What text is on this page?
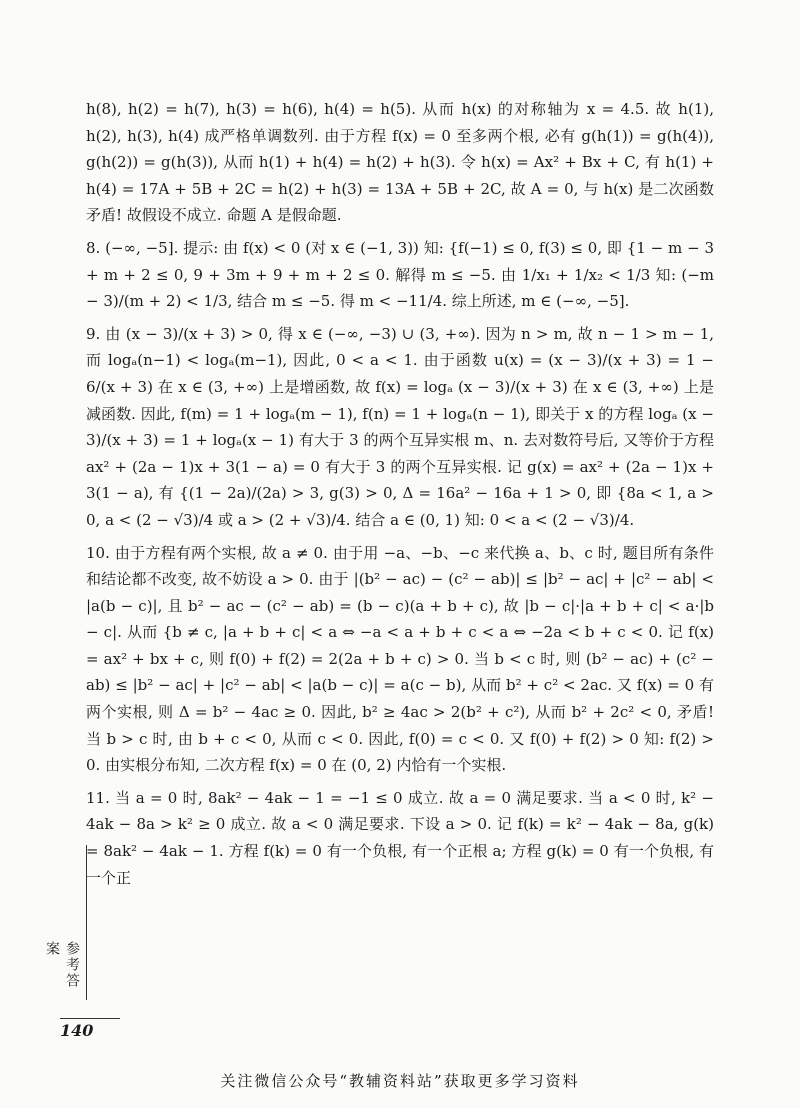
h(8), h(2) = h(7), h(3) = h(6), h(4) = h(5). 从而 h(x) 的对称轴为 x = 4.5. 故 h(1), h(2), h(3), h(4) 成严格单调数列. 由于方程 f(x) = 0 至多两个根, 必有 g(h(1)) = g(h(4)), g(h(2)) = g(h(3)), 从而 h(1) + h(4) = h(2) + h(3). 令 h(x) = Ax² + Bx + C, 有 h(1) + h(4) = 17A + 5B + 2C = h(2) + h(3) = 13A + 5B + 2C, 故 A = 0, 与 h(x) 是二次函数矛盾! 故假设不成立. 命题 A 是假命题.

8. (−∞, −5]. 提示: 由 f(x) < 0 (对 x ∈ (−1, 3)) 知: {f(−1) ≤ 0, f(3) ≤ 0, 即 {1 − m − 3 + m + 2 ≤ 0, 9 + 3m + 9 + m + 2 ≤ 0. 解得 m ≤ −5. 由 1/x₁ + 1/x₂ < 1/3 知: (−m − 3)/(m + 2) < 1/3, 结合 m ≤ −5. 得 m < −11/4. 综上所述, m ∈ (−∞, −5].

9. 由 (x − 3)/(x + 3) > 0, 得 x ∈ (−∞, −3) ∪ (3, +∞). 因为 n > m, 故 n − 1 > m − 1, 而 logₐ(n−1) < logₐ(m−1), 因此, 0 < a < 1. 由于函数 u(x) = (x − 3)/(x + 3) = 1 − 6/(x + 3) 在 x ∈ (3, +∞) 上是增函数, 故 f(x) = logₐ (x − 3)/(x + 3) 在 x ∈ (3, +∞) 上是减函数. 因此, f(m) = 1 + logₐ(m − 1), f(n) = 1 + logₐ(n − 1), 即关于 x 的方程 logₐ (x − 3)/(x + 3) = 1 + logₐ(x − 1) 有大于 3 的两个互异实根 m、n. 去对数符号后, 又等价于方程 ax² + (2a − 1)x + 3(1 − a) = 0 有大于 3 的两个互异实根. 记 g(x) = ax² + (2a − 1)x + 3(1 − a), 有 {(1 − 2a)/(2a) > 3, g(3) > 0, Δ = 16a² − 16a + 1 > 0, 即 {8a < 1, a > 0, a < (2 − √3)/4 或 a > (2 + √3)/4. 结合 a ∈ (0, 1) 知: 0 < a < (2 − √3)/4.

10. 由于方程有两个实根, 故 a ≠ 0. 由于用 −a、−b、−c 来代换 a、b、c 时, 题目所有条件和结论都不改变, 故不妨设 a > 0. 由于 |(b² − ac) − (c² − ab)| ≤ |b² − ac| + |c² − ab| < |a(b − c)|, 且 b² − ac − (c² − ab) = (b − c)(a + b + c), 故 |b − c|·|a + b + c| < a·|b − c|. 从而 {b ≠ c, |a + b + c| < a ⇔ −a < a + b + c < a ⇔ −2a < b + c < 0. 记 f(x) = ax² + bx + c, 则 f(0) + f(2) = 2(2a + b + c) > 0. 当 b < c 时, 则 (b² − ac) + (c² − ab) ≤ |b² − ac| + |c² − ab| < |a(b − c)| = a(c − b), 从而 b² + c² < 2ac. 又 f(x) = 0 有两个实根, 则 Δ = b² − 4ac ≥ 0. 因此, b² ≥ 4ac > 2(b² + c²), 从而 b² + 2c² < 0, 矛盾! 当 b > c 时, 由 b + c < 0, 从而 c < 0. 因此, f(0) = c < 0. 又 f(0) + f(2) > 0 知: f(2) > 0. 由实根分布知, 二次方程 f(x) = 0 在 (0, 2) 内恰有一个实根.

11. 当 a = 0 时, 8ak² − 4ak − 1 = −1 ≤ 0 成立. 故 a = 0 满足要求. 当 a < 0 时, k² − 4ak − 8a > k² ≥ 0 成立. 故 a < 0 满足要求. 下设 a > 0. 记 f(k) = k² − 4ak − 8a, g(k) = 8ak² − 4ak − 1. 方程 f(k) = 0 有一个负根, 有一个正根 a; 方程 g(k) = 0 有一个负根, 有一个正

参考答案
140
关注微信公众号“教辅资料站”获取更多学习资料
